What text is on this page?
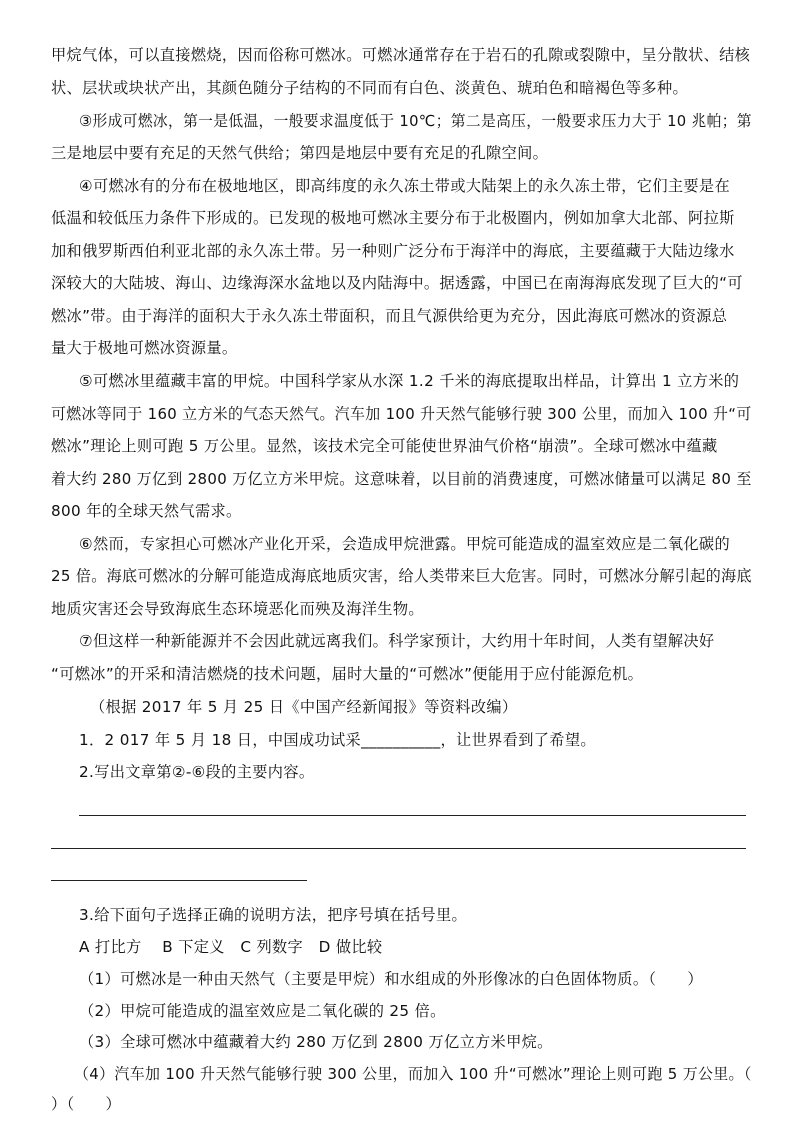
甲烷气体，可以直接燃烧，因而俗称可燃冰。可燃冰通常存在于岩石的孔隙或裂隙中，呈分散状、结核
状、层状或块状产出，其颜色随分子结构的不同而有白色、淡黄色、琥珀色和暗褐色等多种。
③形成可燃冰，第一是低温，一般要求温度低于 10℃；第二是高压，一般要求压力大于 10 兆帕；第
三是地层中要有充足的天然气供给；第四是地层中要有充足的孔隙空间。
④可燃冰有的分布在极地地区，即高纬度的永久冻土带或大陆架上的永久冻土带，它们主要是在
低温和较低压力条件下形成的。已发现的极地可燃冰主要分布于北极圈内，例如加拿大北部、阿拉斯
加和俄罗斯西伯利亚北部的永久冻土带。另一种则广泛分布于海洋中的海底，主要蕴藏于大陆边缘水
深较大的大陆坡、海山、边缘海深水盆地以及内陆海中。据透露，中国已在南海海底发现了巨大的“可
燃冰”带。由于海洋的面积大于永久冻土带面积，而且气源供给更为充分，因此海底可燃冰的资源总
量大于极地可燃冰资源量。
⑤可燃冰里蕴藏丰富的甲烷。中国科学家从水深 1.2 千米的海底提取出样品，计算出 1 立方米的
可燃冰等同于 160 立方米的气态天然气。汽车加 100 升天然气能够行驶 300 公里，而加入 100 升“可
燃冰”理论上则可跑 5 万公里。显然，该技术完全可能使世界油气价格“崩溃”。全球可燃冰中蕴藏
着大约 280 万亿到 2800 万亿立方米甲烷。这意味着，以目前的消费速度，可燃冰储量可以满足 80 至
800 年的全球天然气需求。
⑥然而，专家担心可燃冰产业化开采，会造成甲烷泄露。甲烷可能造成的温室效应是二氧化碳的
25 倍。海底可燃冰的分解可能造成海底地质灾害，给人类带来巨大危害。同时，可燃冰分解引起的海底
地质灾害还会导致海底生态环境恶化而殃及海洋生物。
⑦但这样一种新能源并不会因此就远离我们。科学家预计，大约用十年时间，人类有望解决好
“可燃冰”的开采和清洁燃烧的技术问题，届时大量的“可燃冰”便能用于应付能源危机。
（根据 2017 年 5 月 25 日《中国产经新闻报》等资料改编）
1．2 017 年 5 月 18 日，中国成功试采__________，让世界看到了希望。
2.写出文章第②-⑥段的主要内容。
3.给下面句子选择正确的说明方法，把序号填在括号里。
A 打比方　 B 下定义　C 列数字　D 做比较
（1）可燃冰是一种由天然气（主要是甲烷）和水组成的外形像冰的白色固体物质。（　　）
（2）甲烷可能造成的温室效应是二氧化碳的 25 倍。
（3）全球可燃冰中蕴藏着大约 280 万亿到 2800 万亿立方米甲烷。
（4）汽车加 100 升天然气能够行驶 300 公里，而加入 100 升“可燃冰”理论上则可跑 5 万公里。（
）（　　）
